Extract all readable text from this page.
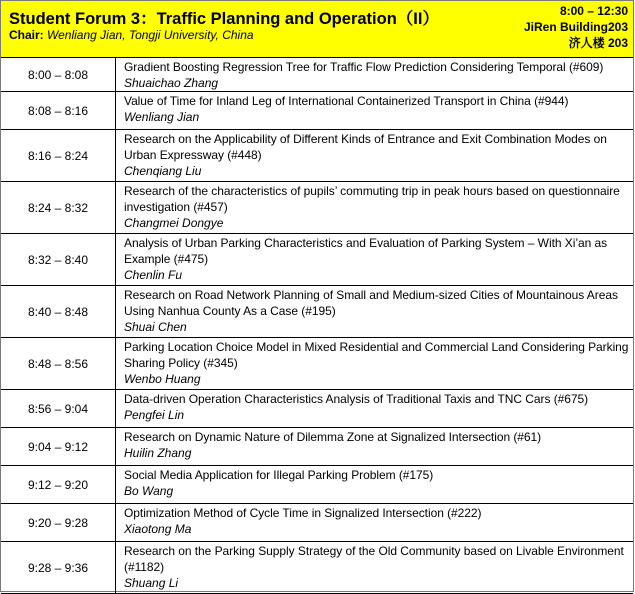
Student Forum 3：Traffic Planning and Operation（II）
Chair: Wenliang Jian, Tongji University, China
8:00 – 12:30
JiRen Building203
济人楼 203
8:00 – 8:08	Gradient Boosting Regression Tree for Traffic Flow Prediction Considering Temporal (#609)
Shuaichao Zhang

8:08 – 8:16	Value of Time for Inland Leg of International Containerized Transport in China (#944)
Wenliang Jian

8:16 – 8:24	Research on the Applicability of Different Kinds of Entrance and Exit Combination Modes on Urban Expressway (#448)
Chenqiang Liu

8:24 – 8:32	Research of the characteristics of pupils’ commuting trip in peak hours based on questionnaire investigation (#457)
Changmei Dongye

8:32 – 8:40	Analysis of Urban Parking Characteristics and Evaluation of Parking System – With Xi’an as Example (#475)
Chenlin Fu

8:40 – 8:48	Research on Road Network Planning of Small and Medium-sized Cities of Mountainous Areas Using Nanhua County As a Case (#195)
Shuai Chen

8:48 – 8:56	Parking Location Choice Model in Mixed Residential and Commercial Land Considering Parking Sharing Policy (#345)
Wenbo Huang

8:56 – 9:04	Data-driven Operation Characteristics Analysis of Traditional Taxis and TNC Cars (#675)
Pengfei Lin

9:04 – 9:12	Research on Dynamic Nature of Dilemma Zone at Signalized Intersection (#61)
Huilin Zhang

9:12 – 9:20	Social Media Application for Illegal Parking Problem (#175)
Bo Wang

9:20 – 9:28	Optimization Method of Cycle Time in Signalized Intersection (#222)
Xiaotong Ma

9:28 – 9:36	Research on the Parking Supply Strategy of the Old Community based on Livable Environment (#1182)
Shuang Li
